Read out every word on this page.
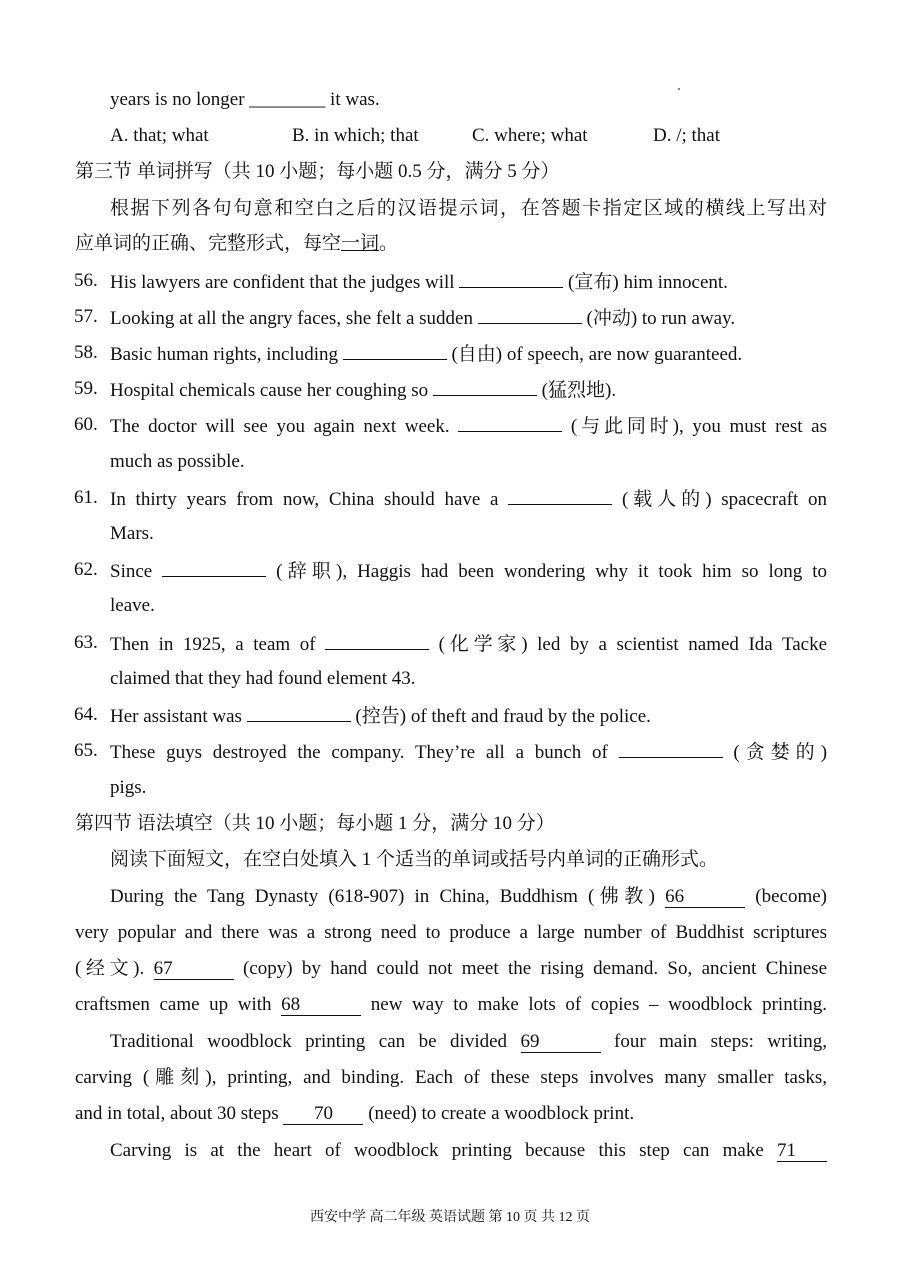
years is no longer ________ it was.
A. that; what	B. in which; that	C. where; what	D. /; that
第三节 单词拼写（共 10 小题；每小题 0.5 分，满分 5 分）
根据下列各句句意和空白之后的汉语提示词，在答题卡指定区域的横线上写出对
应单词的正确、完整形式，每空一词。
56. His lawyers are confident that the judges will	(宣布) him innocent.
57. Looking at all the angry faces, she felt a sudden	(冲动) to run away.
58. Basic human rights, including	(自由) of speech, are now guaranteed.
59. Hospital chemicals cause her coughing so	(猛烈地).
60. The doctor will see you again next week.	(与此同时), you must rest as
much as possible.
61. In thirty years from now, China should have a	(载人的) spacecraft on
Mars.
62. Since	(辞职), Haggis had been wondering why it took him so long to
leave.
63. Then in 1925, a team of	(化学家) led by a scientist named Ida Tacke
claimed that they had found element 43.
64. Her assistant was	(控告) of theft and fraud by the police.
65. These guys destroyed the company. They’re all a bunch of	(贪婪的)
pigs.
第四节 语法填空（共 10 小题；每小题 1 分，满分 10 分）
阅读下面短文，在空白处填入 1 个适当的单词或括号内单词的正确形式。
During the Tang Dynasty (618-907) in China, Buddhism (佛教) 66	(become)
very popular and there was a strong need to produce a large number of Buddhist scriptures
(经文). 67	(copy) by hand could not meet the rising demand. So, ancient Chinese
craftsmen came up with 68	new way to make lots of copies – woodblock printing.
Traditional woodblock printing can be divided 69	four main steps: writing,
carving (雕刻), printing, and binding. Each of these steps involves many smaller tasks,
and in total, about 30 steps 70 (need) to create a woodblock print.
Carving is at the heart of woodblock printing because this step can make 71
西安中学 高二年级 英语试题 第 10 页 共 12 页
